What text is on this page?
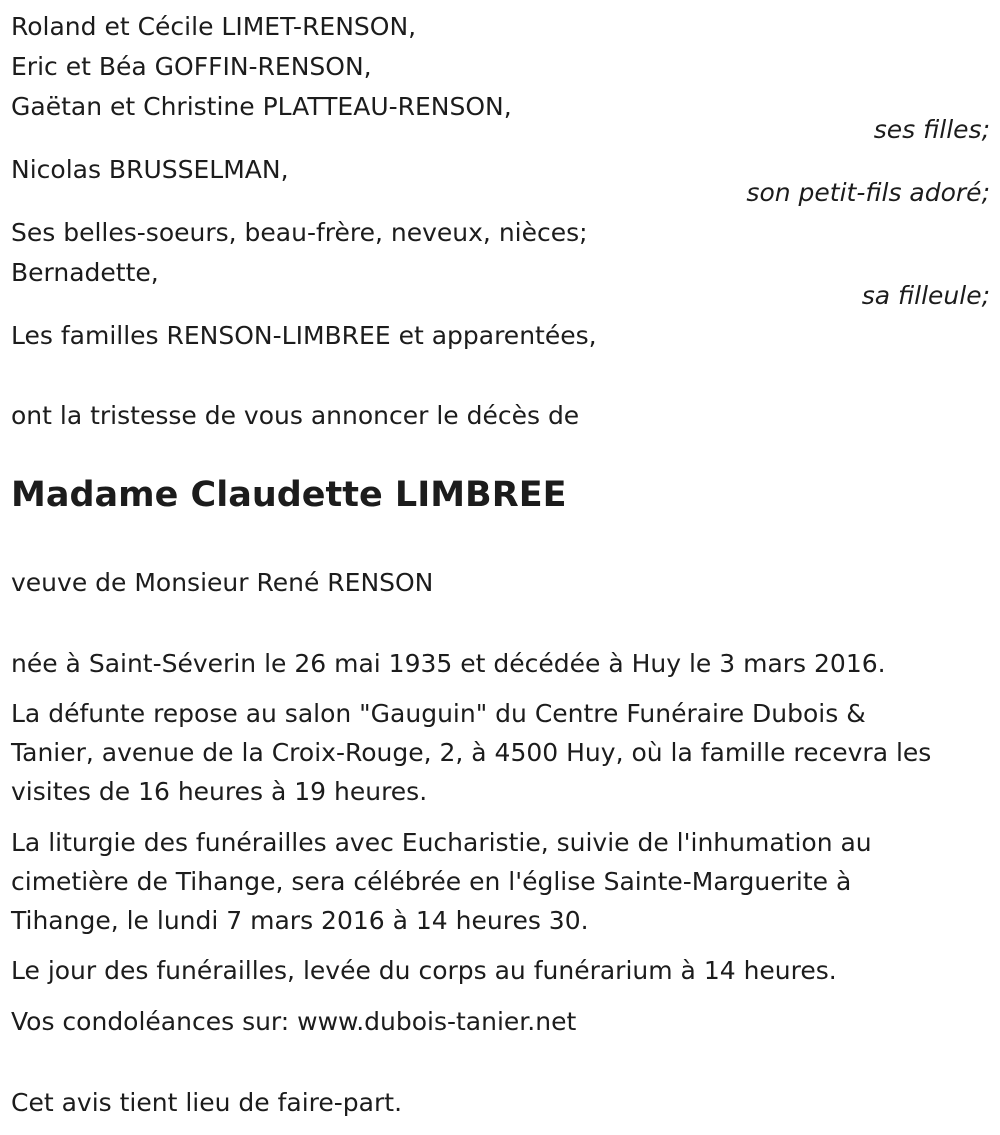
Roland et Cécile LIMET-RENSON,
Eric et Béa GOFFIN-RENSON,
Gaëtan et Christine PLATTEAU-RENSON,
ses filles;
Nicolas BRUSSELMAN,
son petit-fils adoré;
Ses belles-soeurs, beau-frère, neveux, nièces;
Bernadette,
sa filleule;
Les familles RENSON-LIMBREE et apparentées,
ont la tristesse de vous annoncer le décès de
Madame Claudette LIMBREE
veuve de Monsieur René RENSON
née à Saint-Séverin le 26 mai 1935 et décédée à Huy le 3 mars 2016.
La défunte repose au salon "Gauguin" du Centre Funéraire Dubois &
Tanier, avenue de la Croix-Rouge, 2, à 4500 Huy, où la famille recevra les
visites de 16 heures à 19 heures.
La liturgie des funérailles avec Eucharistie, suivie de l'inhumation au
cimetière de Tihange, sera célébrée en l'église Sainte-Marguerite à
Tihange, le lundi 7 mars 2016 à 14 heures 30.
Le jour des funérailles, levée du corps au funérarium à 14 heures.
Vos condoléances sur: www.dubois-tanier.net
Cet avis tient lieu de faire-part.
